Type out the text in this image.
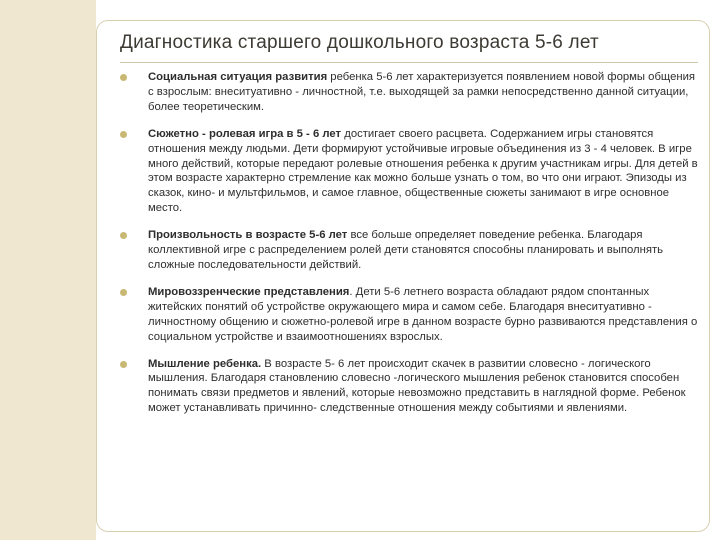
Диагностика старшего дошкольного возраста 5-6 лет
Социальная ситуация развития ребенка 5-6 лет характеризуется появлением новой формы общения с взрослым: внеситуативно - личностной, т.е. выходящей за рамки непосредственно данной ситуации, более теоретическим.
Сюжетно - ролевая игра в 5 - 6 лет достигает своего расцвета. Содержанием игры становятся отношения между людьми. Дети формируют устойчивые игровые объединения из 3 - 4 человек. В игре много действий, которые передают ролевые отношения ребенка к другим участникам игры. Для детей в этом возрасте характерно стремление как можно больше узнать о том, во что они играют. Эпизоды из сказок, кино- и мультфильмов, и самое главное, общественные сюжеты занимают в игре основное место.
Произвольность в возрасте 5-6 лет все больше определяет поведение ребенка. Благодаря коллективной игре с распределением ролей дети становятся способны планировать и выполнять сложные последовательности действий.
Мировоззренческие представления. Дети 5-6 летнего возраста обладают рядом спонтанных житейских понятий об устройстве окружающего мира и самом себе. Благодаря внеситуативно - личностному общению и сюжетно-ролевой игре в данном возрасте бурно развиваются представления о социальном устройстве и взаимоотношениях взрослых.
Мышление ребенка. В возрасте 5- 6 лет происходит скачек в развитии словесно - логического мышления. Благодаря становлению словесно -логического мышления ребенок становится способен понимать связи предметов и явлений, которые невозможно представить в наглядной форме. Ребенок может устанавливать причинно- следственные отношения между событиями и явлениями.
